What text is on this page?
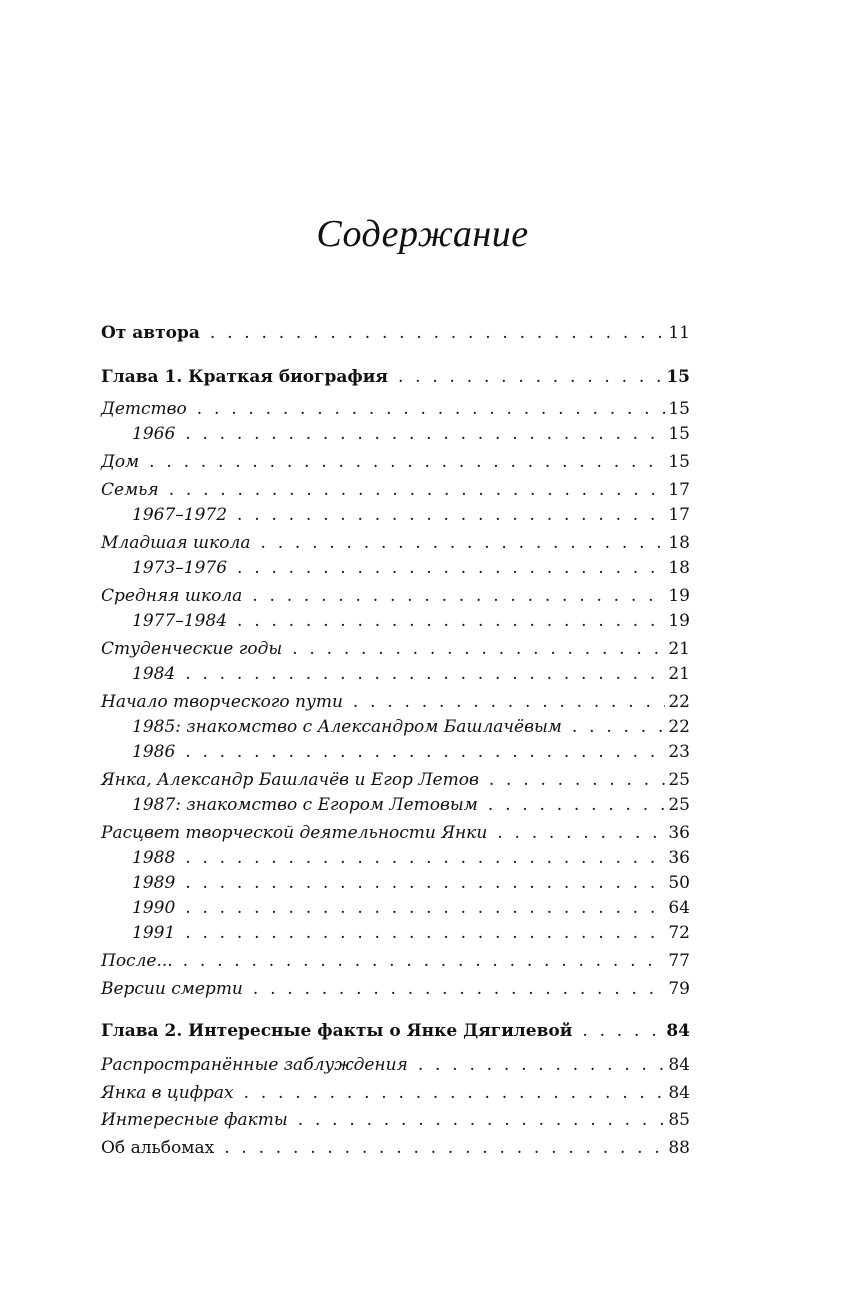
Содержание
От автора . . .	11
Глава 1. Краткая биография . . .	15
Детство . . .	15
1966 . . .	15
Дом . . .	15
Семья . . .	17
1967–1972 . . .	17
Младшая школа . . .	18
1973–1976 . . .	18
Средняя школа . . .	19
1977–1984 . . .	19
Студенческие годы . . .	21
1984 . . .	21
Начало творческого пути . . .	22
1985: знакомство с Александром Башлачёвым . . .	22
1986 . . .	23
Янка, Александр Башлачёв и Егор Летов . . .	25
1987: знакомство с Егором Летовым . . .	25
Расцвет творческой деятельности Янки . . .	36
1988 . . .	36
1989 . . .	50
1990 . . .	64
1991 . . .	72
После... . . .	77
Версии смерти . . .	79
Глава 2. Интересные факты о Янке Дягилевой . . .	84
Распространённые заблуждения . . .	84
Янка в цифрах . . .	84
Интересные факты . . .	85
Об альбомах . . .	88
